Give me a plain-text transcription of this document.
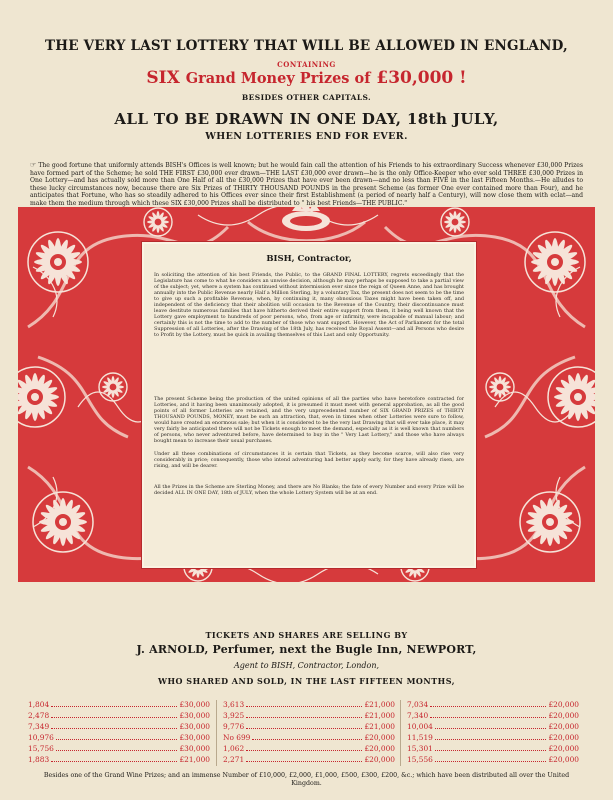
THE VERY LAST LOTTERY THAT WILL BE ALLOWED IN ENGLAND,
CONTAINING
SIX Grand Money Prizes of £30,000 !
BESIDES OTHER CAPITALS.
ALL TO BE DRAWN IN ONE DAY, 18th JULY,
WHEN LOTTERIES END FOR EVER.
☞ The good fortune that uniformly attends BISH's Offices is well known; but he would fain call the attention of his Friends to his extraordinary Success whenever £30,000 Prizes have formed part of the Scheme; he sold THE FIRST £30,000 ever drawn—THE LAST £30,000 ever drawn—he is the only Office-Keeper who ever sold THREE £30,000 Prizes in One Lottery—and has actually sold more than One Half of all the £30,000 Prizes that have ever been drawn—and no less than FIVE in the last Fifteen Months.—He alludes to these lucky circumstances now, because there are Six Prizes of THIRTY THOUSAND POUNDS in the present Scheme (as former One ever contained more than Four), and he anticipates that Fortune, who has so steadily adhered to his Offices ever since their first Establishment (a period of nearly half a Century), will now close them with eclat—and make them the medium through which these SIX £30,000 Prizes shall be distributed to " his best Friends—THE PUBLIC."
BISH, Contractor,
In soliciting the attention of his best Friends, the Public, to the GRAND FINAL LOTTERY, regrets exceedingly that the Legislature has come to what he considers an unwise decision, although he may perhaps be supposed to take a partial view of the subject; yet, where a system has continued without intermission ever since the reign of Queen Anne, and has brought annually into the Public Revenue nearly Half a Million Sterling, by a voluntary Tax, the present does not seem to be the time to give up such a profitable Revenue, when, by continuing it, many obnoxious Taxes might have been taken off, and independent of the deficiency that their abolition will occasion to the Revenue of the Country, their discontinuance must leave destitute numerous families that have hitherto derived their entire support from them, it being well known that the Lottery gave employment to hundreds of poor persons, who, from age or infirmity, were incapable of manual labour; and certainly this is not the time to add to the number of those who want support. However, the Act of Parliament for the total Suppression of all Lotteries, after the Drawing of the 18th July, has received the Royal Assent—and all Persons who desire to Profit by the Lottery, must be quick in availing themselves of this Last and only Opportunity.
The present Scheme being the production of the united opinions of all the parties who have heretofore contracted for Lotteries, and it having been unanimously adopted, it is presumed it must meet with general approbation, as all the good points of all former Lotteries are retained, and the very unprecedented number of SIX GRAND PRIZES of THIRTY THOUSAND POUNDS, MONEY, must be such an attraction, that, even in times when other Lotteries were sure to follow, would have created an enormous sale; but when it is considered to be the very last Drawing that will ever take place, it may very fairly be anticipated there will not be Tickets enough to meet the demand, especially as it is well known that numbers of persons, who never adventured before, have determined to buy in the " Very Last Lottery," and those who have always bought mean to increase their usual purchases.
Under all these combinations of circumstances it is certain that Tickets, as they become scarce, will also rise very considerably in price; consequently, those who intend adventuring had better apply early, for they have already risen, are rising, and will be dearer.
All the Prizes in the Scheme are Sterling Money, and there are No Blanks; the fate of every Number and every Prize will be decided ALL IN ONE DAY, 18th of JULY, when the whole Lottery System will be at an end.
TICKETS AND SHARES ARE SELLING BY
J. ARNOLD, Perfumer, next the Bugle Inn, NEWPORT,
Agent to BISH, Contractor, London,
WHO SHARED AND SOLD, IN THE LAST FIFTEEN MONTHS,
1,804	£30,000
2,478	£30,000
7,349	£30,000
10,976	£30,000
15,756	£30,000
1,883	£21,000
3,613	£21,000
3,925	£21,000
9,776	£21,000
No 699	£20,000
1,062	£20,000
2,271	£20,000
7,034	£20,000
7,340	£20,000
10,004	£20,000
11,519	£20,000
15,301	£20,000
15,556	£20,000
Besides one of the Grand Wine Prizes; and an immense Number of £10,000, £2,000, £1,000, £500, £300, £200, &c.; which have been distributed all over the United Kingdom.
